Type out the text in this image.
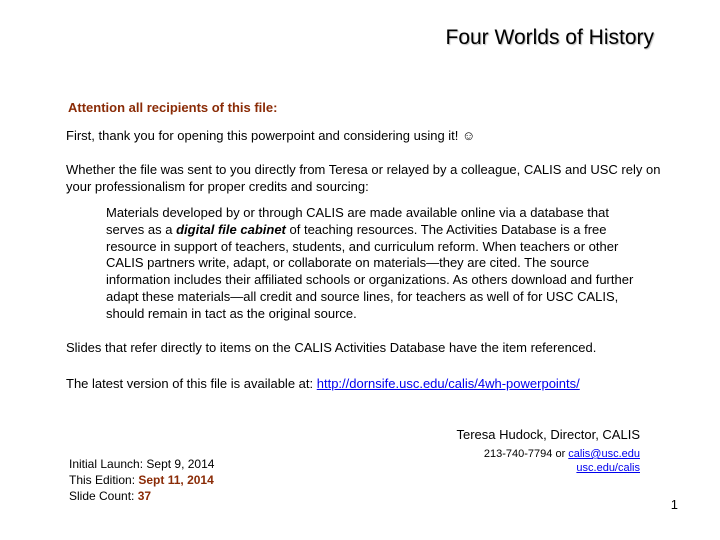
Four Worlds of History
Attention all recipients of this file:
First, thank you for opening this powerpoint and considering using it! ☺
Whether the file was sent to you directly from Teresa or relayed by a colleague, CALIS and USC rely on your professionalism for proper credits and sourcing:
Materials developed by or through CALIS are made available online via a database that serves as a digital file cabinet of teaching resources. The Activities Database is a free resource in support of teachers, students, and curriculum reform. When teachers or other CALIS partners write, adapt, or collaborate on materials—they are cited. The source information includes their affiliated schools or organizations. As others download and further adapt these materials—all credit and source lines, for teachers as well of for USC CALIS, should remain in tact as the original source.
Slides that refer directly to items on the CALIS Activities Database have the item referenced.
The latest version of this file is available at: http://dornsife.usc.edu/calis/4wh-powerpoints/
Teresa Hudock, Director, CALIS
213-740-7794 or calis@usc.edu
usc.edu/calis
Initial Launch: Sept 9, 2014
This Edition: Sept 11, 2014
Slide Count: 37
1
